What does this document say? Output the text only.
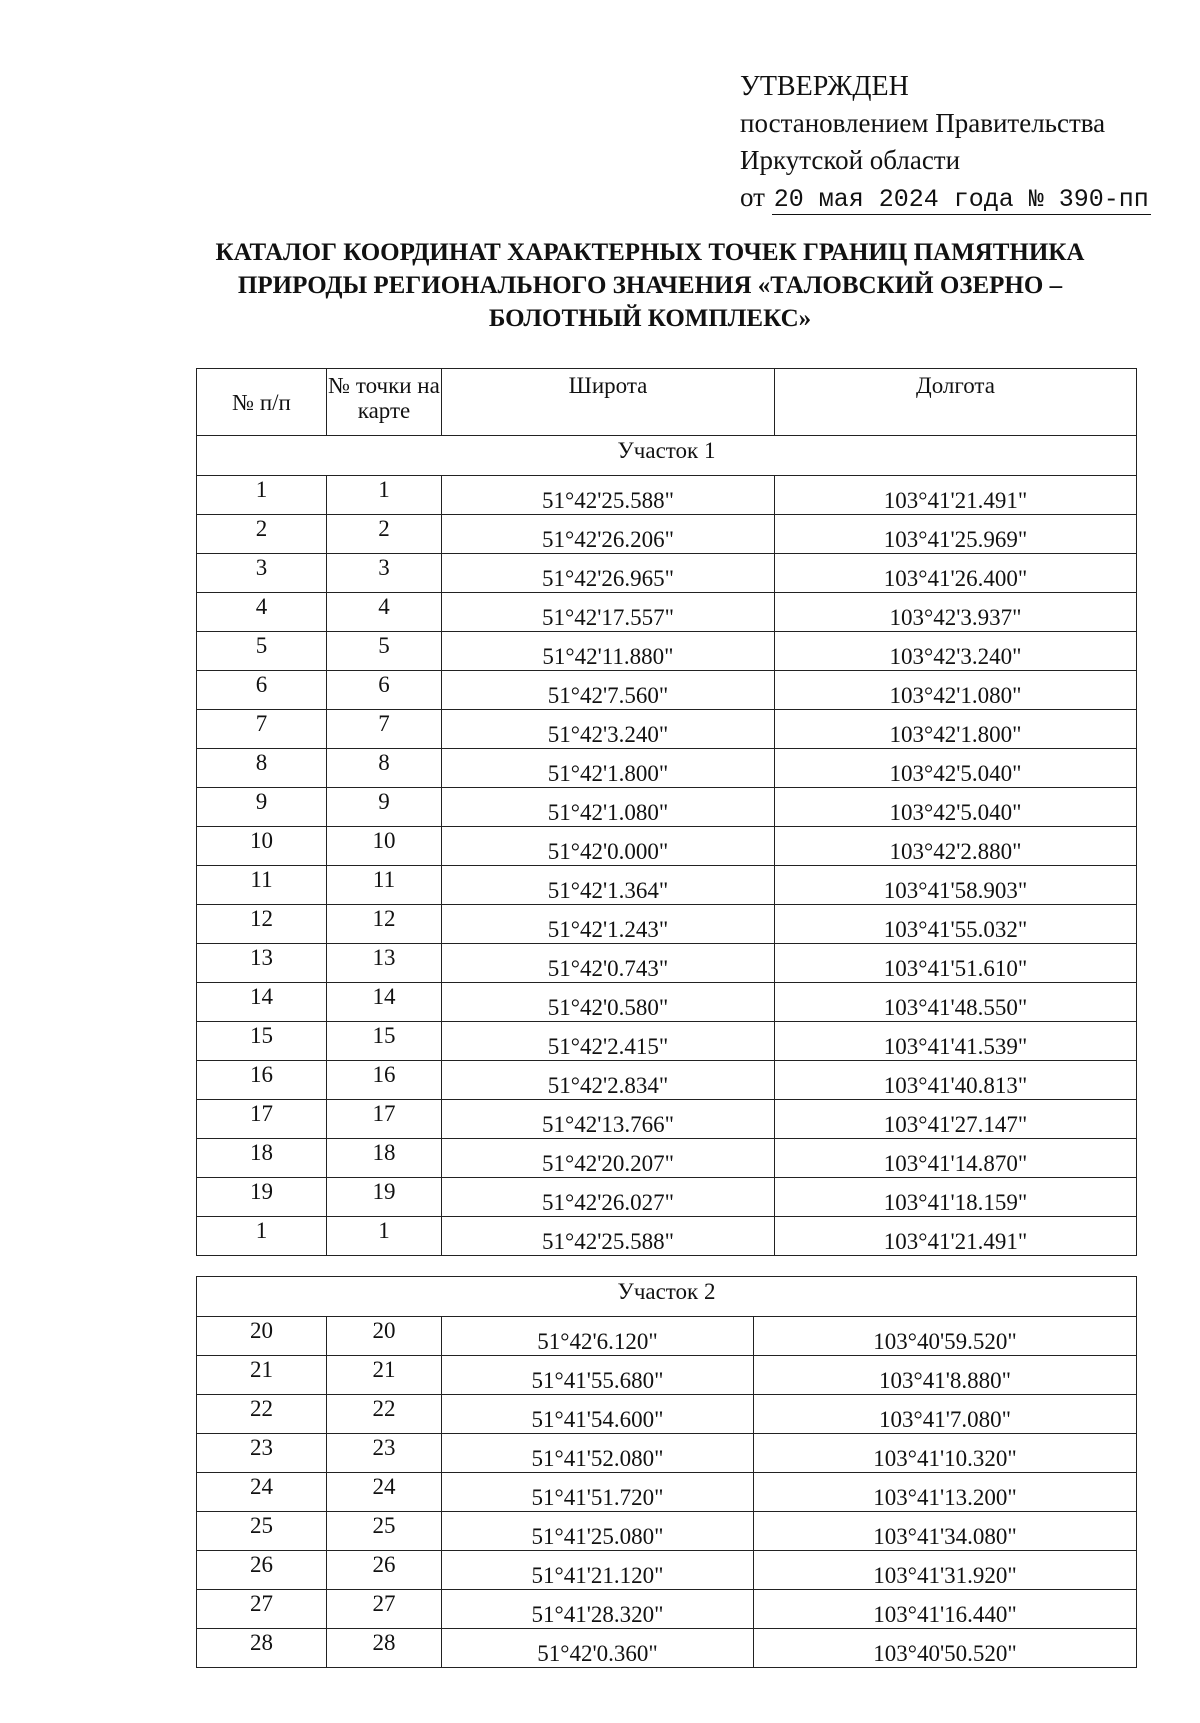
УТВЕРЖДЕН
постановлением Правительства
Иркутской области
от 20 мая 2024 года № 390-пп
КАТАЛОГ КООРДИНАТ ХАРАКТЕРНЫХ ТОЧЕК ГРАНИЦ ПАМЯТНИКА ПРИРОДЫ РЕГИОНАЛЬНОГО ЗНАЧЕНИЯ «ТАЛОВСКИЙ ОЗЕРНО – БОЛОТНЫЙ КОМПЛЕКС»
№ п/п	№ точки на карте	Широта	Долгота
Участок 1			
1	1	51°42'25.588"	103°41'21.491"
2	2	51°42'26.206"	103°41'25.969"
3	3	51°42'26.965"	103°41'26.400"
4	4	51°42'17.557"	103°42'3.937"
5	5	51°42'11.880"	103°42'3.240"
6	6	51°42'7.560"	103°42'1.080"
7	7	51°42'3.240"	103°42'1.800"
8	8	51°42'1.800"	103°42'5.040"
9	9	51°42'1.080"	103°42'5.040"
10	10	51°42'0.000"	103°42'2.880"
11	11	51°42'1.364"	103°41'58.903"
12	12	51°42'1.243"	103°41'55.032"
13	13	51°42'0.743"	103°41'51.610"
14	14	51°42'0.580"	103°41'48.550"
15	15	51°42'2.415"	103°41'41.539"
16	16	51°42'2.834"	103°41'40.813"
17	17	51°42'13.766"	103°41'27.147"
18	18	51°42'20.207"	103°41'14.870"
19	19	51°42'26.027"	103°41'18.159"
1	1	51°42'25.588"	103°41'21.491"
Участок 2			
20	20	51°42'6.120"	103°40'59.520"
21	21	51°41'55.680"	103°41'8.880"
22	22	51°41'54.600"	103°41'7.080"
23	23	51°41'52.080"	103°41'10.320"
24	24	51°41'51.720"	103°41'13.200"
25	25	51°41'25.080"	103°41'34.080"
26	26	51°41'21.120"	103°41'31.920"
27	27	51°41'28.320"	103°41'16.440"
28	28	51°42'0.360"	103°40'50.520"
